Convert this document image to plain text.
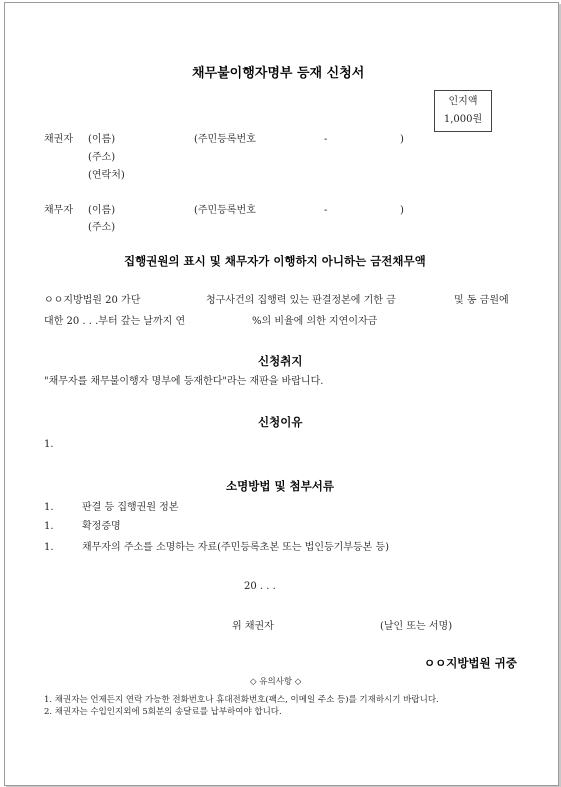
채무불이행자명부 등재 신청서
인지액
1,000원
채권자 (이름)	(주민등록번호	-	)
(주소)
(연락처)
채무자 (이름)	(주민등록번호	-	)
(주소)
집행권원의 표시 및 채무자가 이행하지 아니하는 금전채무액
ㅇㅇ지방법원 20 가단	청구사건의 집행력 있는 판결정본에 기한 금	및 동 금원에
대한 20 . . .부터 갚는 날까지 연	%의 비율에 의한 지연이자금
신청취지
"채무자를 채무불이행자 명부에 등재한다"라는 재판을 바랍니다.
신청이유
1.
소명방법 및 첨부서류
1.	판결 등 집행권원 정본
1.	확정증명
1.	채무자의 주소를 소명하는 자료(주민등록초본 또는 법인등기부등본 등)
20 . . .
위 채권자	(날인 또는 서명)
ㅇㅇ지방법원 귀중
◇ 유의사항 ◇
1. 채권자는 언제든지 연락 가능한 전화번호나 휴대전화번호(팩스, 이메일 주소 등)를 기재하시기 바랍니다.
2. 채권자는 수입인지외에 5회분의 송달료를 납부하여야 합니다.
